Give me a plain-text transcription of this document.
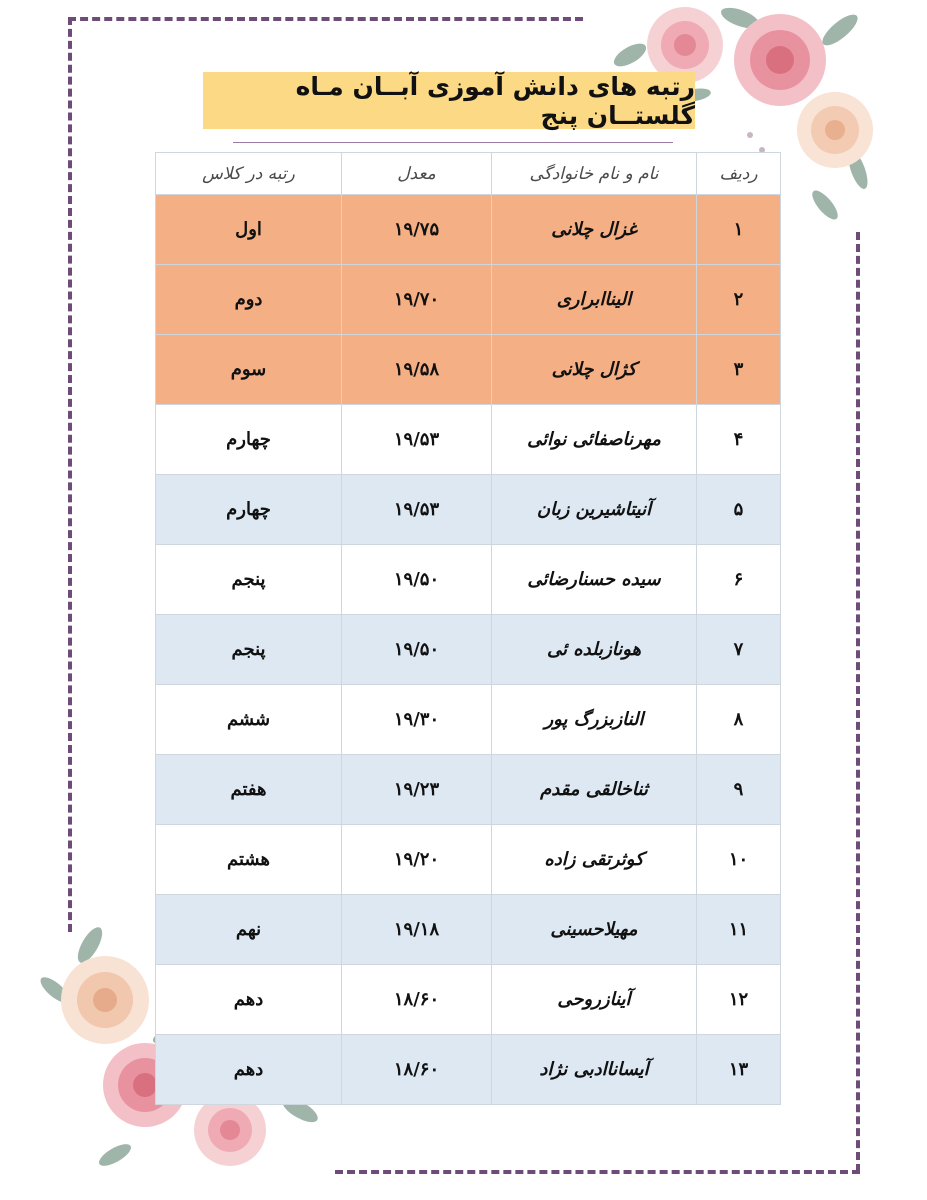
رتبه های دانش آموزی آبــان مـاه گلستــان پنج
ردیف	نام و نام خانوادگی	معدل	رتبه در کلاس
۱	غزال چلانی	۱۹/۷۵	اول
۲	الیناابراری	۱۹/۷۰	دوم
۳	کژال چلانی	۱۹/۵۸	سوم
۴	مهرناصفائی نوائی	۱۹/۵۳	چهارم
۵	آنیتاشیرین زبان	۱۹/۵۳	چهارم
۶	سیده حسنارضائی	۱۹/۵۰	پنجم
۷	هونازبلده ئی	۱۹/۵۰	پنجم
۸	النازبزرگ پور	۱۹/۳۰	ششم
۹	ثناخالقی مقدم	۱۹/۲۳	هفتم
۱۰	کوثرتقی زاده	۱۹/۲۰	هشتم
۱۱	مهیلاحسینی	۱۹/۱۸	نهم
۱۲	آینازروحی	۱۸/۶۰	دهم
۱۳	آیساناادبی نژاد	۱۸/۶۰	دهم
